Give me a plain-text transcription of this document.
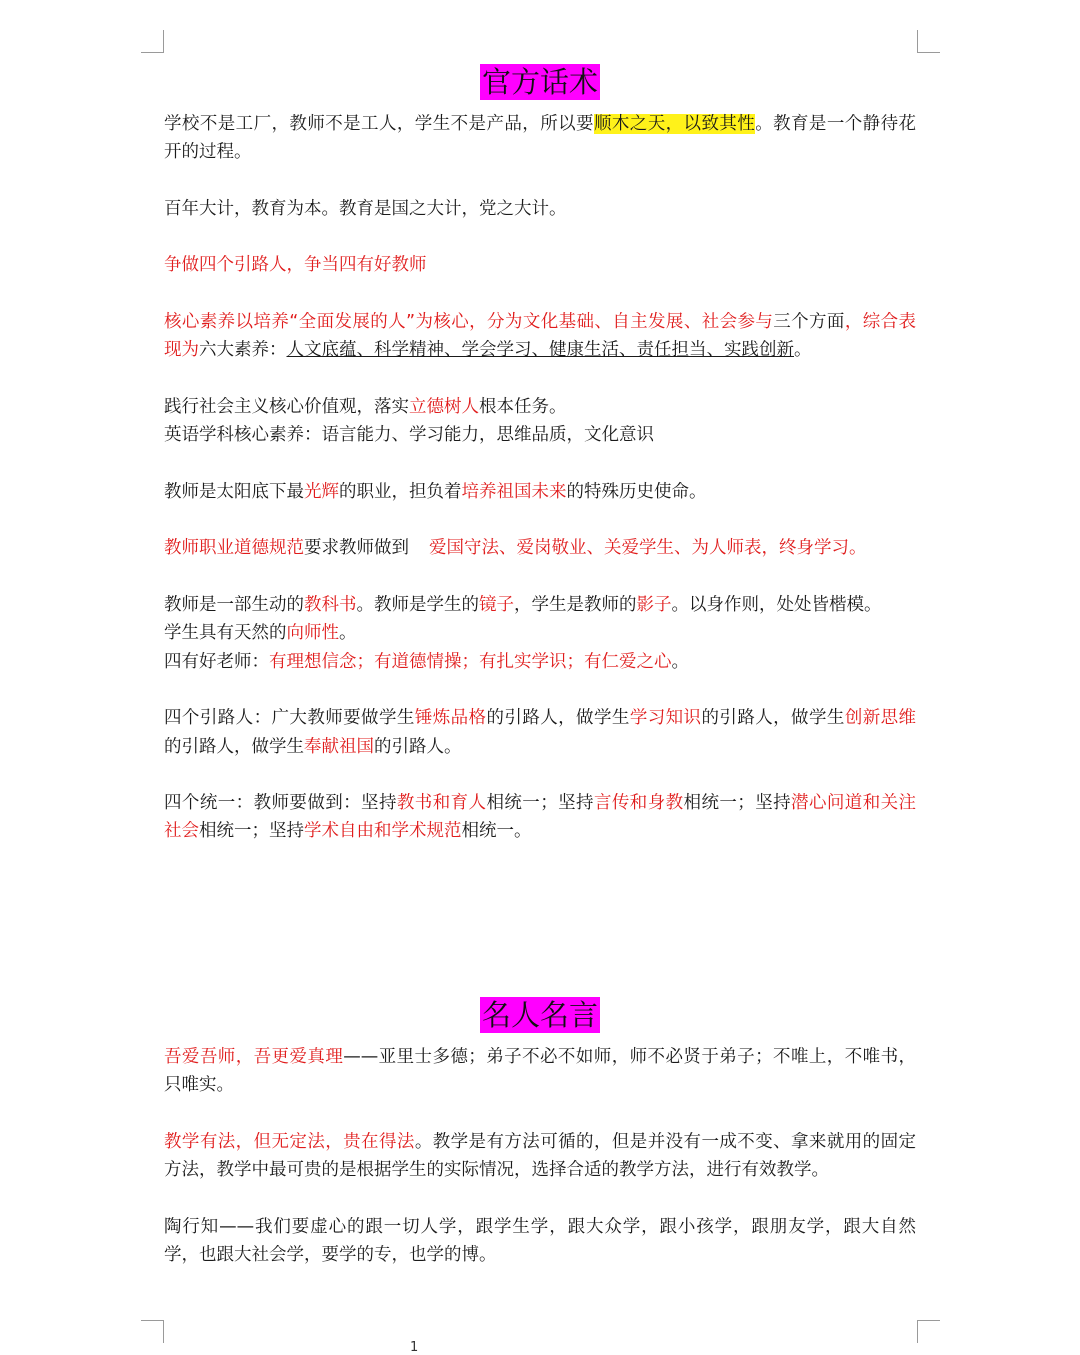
官方话术

学校不是工厂，教师不是工人，学生不是产品，所以要顺木之天，以致其性。教育是一个静待花开的过程。

百年大计，教育为本。教育是国之大计，党之大计。

争做四个引路人，争当四有好教师

核心素养以培养“全面发展的人”为核心，分为文化基础、自主发展、社会参与三个方面，综合表现为六大素养：人文底蕴、科学精神、学会学习、健康生活、责任担当、实践创新。

践行社会主义核心价值观，落实立德树人根本任务。

英语学科核心素养：语言能力、学习能力，思维品质，文化意识

教师是太阳底下最光辉的职业，担负着培养祖国未来的特殊历史使命。

教师职业道德规范要求教师做到 爱国守法、爱岗敬业、关爱学生、为人师表，终身学习。

教师是一部生动的教科书。教师是学生的镜子，学生是教师的影子。以身作则，处处皆楷模。

学生具有天然的向师性。

四有好老师：有理想信念；有道德情操；有扎实学识；有仁爱之心。

四个引路人：广大教师要做学生锤炼品格的引路人，做学生学习知识的引路人，做学生创新思维的引路人，做学生奉献祖国的引路人。

四个统一：教师要做到：坚持教书和育人相统一；坚持言传和身教相统一；坚持潜心问道和关注社会相统一；坚持学术自由和学术规范相统一。

名人名言

吾爱吾师，吾更爱真理——亚里士多德；弟子不必不如师，师不必贤于弟子；不唯上，不唯书，只唯实。

教学有法，但无定法，贵在得法。教学是有方法可循的，但是并没有一成不变、拿来就用的固定方法，教学中最可贵的是根据学生的实际情况，选择合适的教学方法，进行有效教学。

陶行知——我们要虚心的跟一切人学，跟学生学，跟大众学，跟小孩学，跟朋友学，跟大自然学，也跟大社会学，要学的专，也学的博。

1
